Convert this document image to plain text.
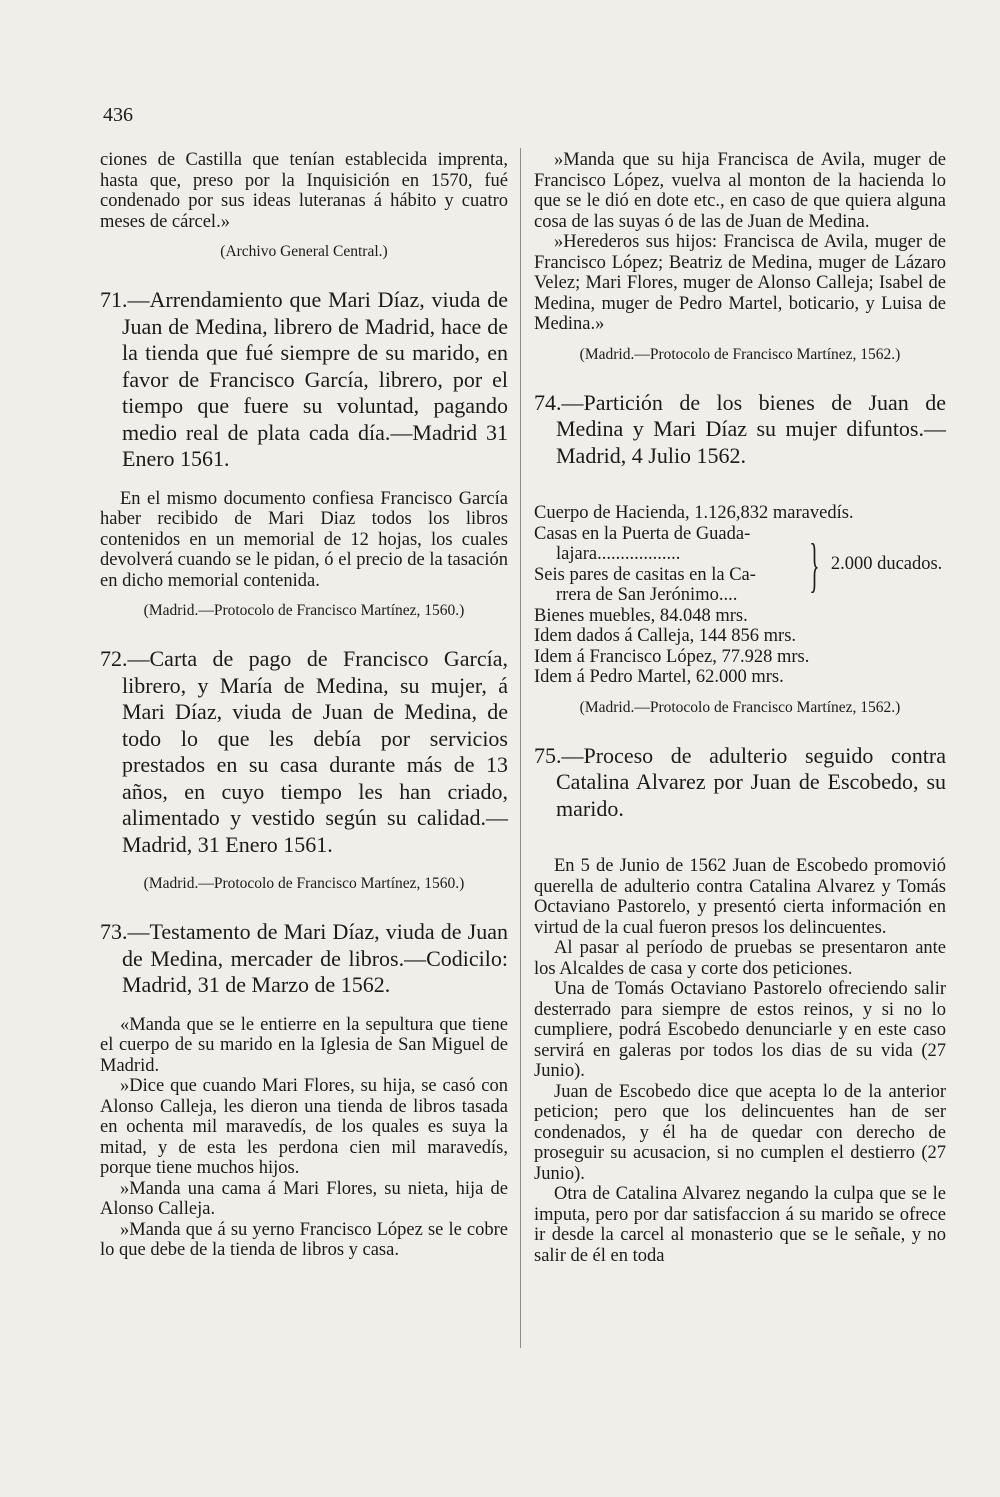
436

ciones de Castilla que tenían establecida imprenta, hasta que, preso por la Inquisición en 1570, fué condenado por sus ideas luteranas á hábito y cuatro meses de cárcel.»

(Archivo General Central.)

71.—Arrendamiento que Mari Díaz, viuda de Juan de Medina, librero de Madrid, hace de la tienda que fué siempre de su marido, en favor de Francisco García, librero, por el tiempo que fuere su voluntad, pagando medio real de plata cada día.—Madrid 31 Enero 1561.

En el mismo documento confiesa Francisco García haber recibido de Mari Diaz todos los libros contenidos en un memorial de 12 hojas, los cuales devolverá cuando se le pidan, ó el precio de la tasación en dicho memorial contenida.

(Madrid.—Protocolo de Francisco Martínez, 1560.)

72.—Carta de pago de Francisco García, librero, y María de Medina, su mujer, á Mari Díaz, viuda de Juan de Medina, de todo lo que les debía por servicios prestados en su casa durante más de 13 años, en cuyo tiempo les han criado, alimentado y vestido según su calidad.—Madrid, 31 Enero 1561.

(Madrid.—Protocolo de Francisco Martínez, 1560.)

73.—Testamento de Mari Díaz, viuda de Juan de Medina, mercader de libros.—Codicilo: Madrid, 31 de Marzo de 1562.

«Manda que se le entierre en la sepultura que tiene el cuerpo de su marido en la Iglesia de San Miguel de Madrid.

»Dice que cuando Mari Flores, su hija, se casó con Alonso Calleja, les dieron una tienda de libros tasada en ochenta mil maravedís, de los quales es suya la mitad, y de esta les perdona cien mil maravedís, porque tiene muchos hijos.

»Manda una cama á Mari Flores, su nieta, hija de Alonso Calleja.

»Manda que á su yerno Francisco López se le cobre lo que debe de la tienda de libros y casa.

»Manda que su hija Francisca de Avila, muger de Francisco López, vuelva al monton de la hacienda lo que se le dió en dote etc., en caso de que quiera alguna cosa de las suyas ó de las de Juan de Medina.

»Herederos sus hijos: Francisca de Avila, muger de Francisco López; Beatriz de Medina, muger de Lázaro Velez; Mari Flores, muger de Alonso Calleja; Isabel de Medina, muger de Pedro Martel, boticario, y Luisa de Medina.»

(Madrid.—Protocolo de Francisco Martínez, 1562.)

74.—Partición de los bienes de Juan de Medina y Mari Díaz su mujer difuntos.—Madrid, 4 Julio 1562.

Cuerpo de Hacienda, 1.126,832 maravedís.
Casas en la Puerta de Guada-
lajara..................
Seis pares de casitas en la Ca-
rrera de San Jerónimo....	} 2.000 ducados.
Bienes muebles, 84.048 mrs.
Idem dados á Calleja, 144 856 mrs.
Idem á Francisco López, 77.928 mrs.
Idem á Pedro Martel, 62.000 mrs.

(Madrid.—Protocolo de Francisco Martínez, 1562.)

75.—Proceso de adulterio seguido contra Catalina Alvarez por Juan de Escobedo, su marido.

En 5 de Junio de 1562 Juan de Escobedo promovió querella de adulterio contra Catalina Alvarez y Tomás Octaviano Pastorelo, y presentó cierta información en virtud de la cual fueron presos los delincuentes.

Al pasar al período de pruebas se presentaron ante los Alcaldes de casa y corte dos peticiones.

Una de Tomás Octaviano Pastorelo ofreciendo salir desterrado para siempre de estos reinos, y si no lo cumpliere, podrá Escobedo denunciarle y en este caso servirá en galeras por todos los dias de su vida (27 Junio).

Juan de Escobedo dice que acepta lo de la anterior peticion; pero que los delincuentes han de ser condenados, y él ha de quedar con derecho de proseguir su acusacion, si no cumplen el destierro (27 Junio).

Otra de Catalina Alvarez negando la culpa que se le imputa, pero por dar satisfaccion á su marido se ofrece ir desde la carcel al monasterio que se le señale, y no salir de él en toda
